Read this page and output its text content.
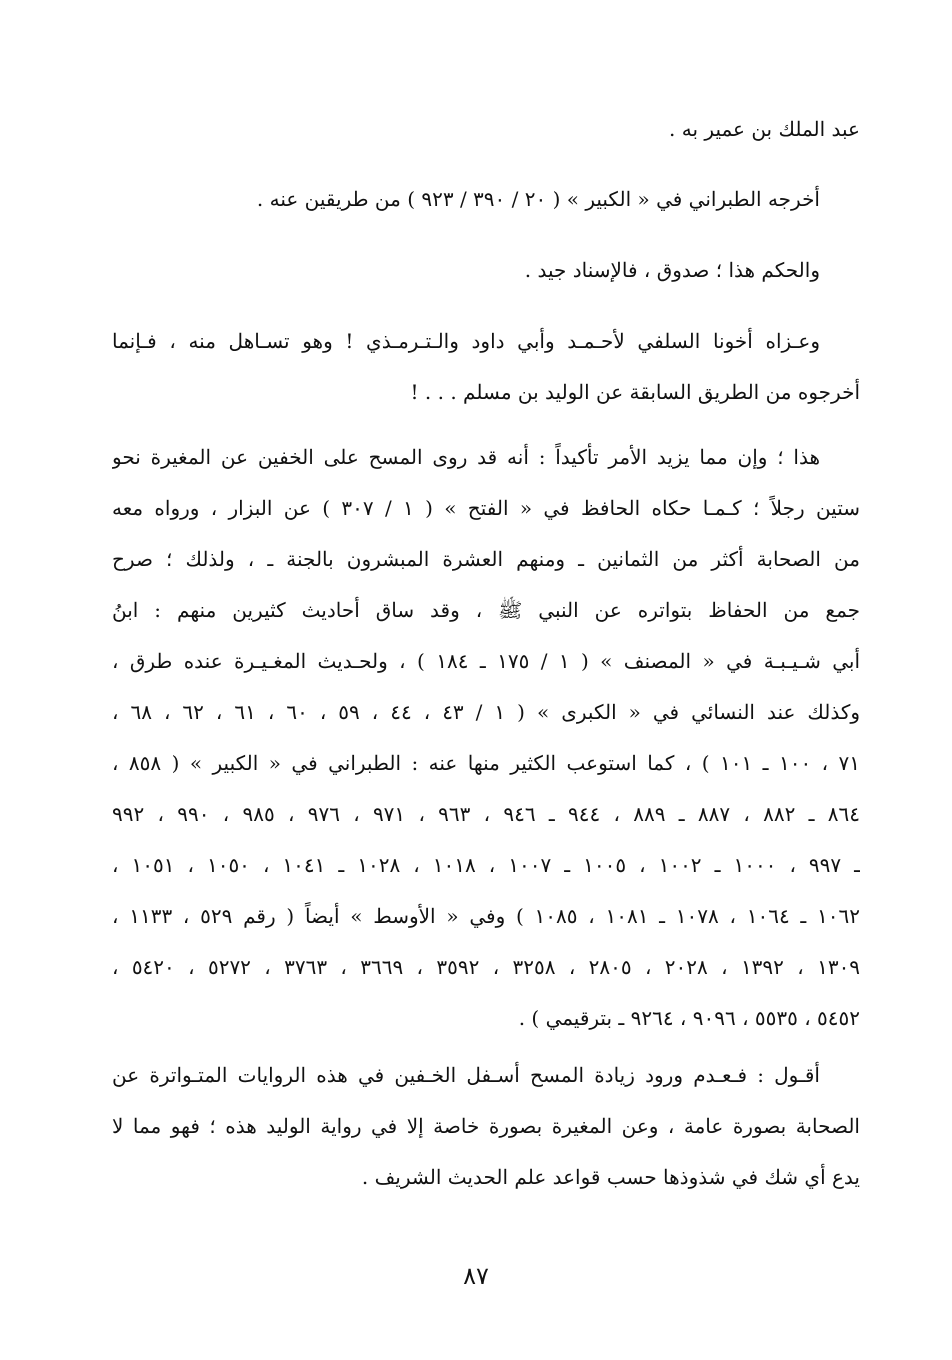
عبد الملك بن عمير به .
أخرجه الطبراني في « الكبير » ( ٢٠ / ٣٩٠ / ٩٢٣ ) من طريقين عنه .
والحكم هذا ؛ صدوق ، فالإسناد جيد .
وعـزاه أخونا السلفي لأحـمـد وأبي داود والـتـرمـذي ! وهو تسـاهل منه ، فـإنما
أخرجوه من الطريق السابقة عن الوليد بن مسلم . . . !
هذا ؛ وإن مما يزيد الأمر تأكيداً : أنه قد روى المسح على الخفين عن المغيرة نحو
ستين رجلاً ؛ كـمـا حكاه الحافظ في « الفتح » ( ١ / ٣٠٧ ) عن البزار ، ورواه معه
من الصحابة أكثر من الثمانين ـ ومنهم العشرة المبشرون بالجنة ـ ، ولذلك ؛ صرح
جمع من الحفاظ بتواتره عن النبي ﷺ ، وقد ساق أحاديث كثيرين منهم : ابنُ
أبي شـيـبـة في « المصنف » ( ١ / ١٧٥ ـ ١٨٤ ) ، ولحـديث المغـيـرة عنده طرق ،
وكذلك عند النسائي في « الكبرى » ( ١ / ٤٣ ، ٤٤ ، ٥٩ ، ٦٠ ، ٦١ ، ٦٢ ، ٦٨ ،
٧١ ، ١٠٠ ـ ١٠١ ) ، كما استوعب الكثير منها عنه : الطبراني في « الكبير » ( ٨٥٨ ،
٨٦٤ ـ ٨٨٢ ، ٨٨٧ ـ ٨٨٩ ، ٩٤٤ ـ ٩٤٦ ، ٩٦٣ ، ٩٧١ ، ٩٧٦ ، ٩٨٥ ، ٩٩٠ ، ٩٩٢
ـ ٩٩٧ ، ١٠٠٠ ـ ١٠٠٢ ، ١٠٠٥ ـ ١٠٠٧ ، ١٠١٨ ، ١٠٢٨ ـ ١٠٤١ ، ١٠٥٠ ، ١٠٥١ ،
١٠٦٢ ـ ١٠٦٤ ، ١٠٧٨ ـ ١٠٨١ ، ١٠٨٥ ) وفي « الأوسط » أيضاً ( رقم ٥٢٩ ، ١١٣٣ ،
١٣٠٩ ، ١٣٩٢ ، ٢٠٢٨ ، ٢٨٠٥ ، ٣٢٥٨ ، ٣٥٩٢ ، ٣٦٦٩ ، ٣٧٦٣ ، ٥٢٧٢ ، ٥٤٢٠ ،
٥٤٥٢ ، ٥٥٣٥ ، ٩٠٩٦ ، ٩٢٦٤ ـ بترقيمي ) .
أقـول : فـعـدم ورود زيادة المسح أسـفل الخـفين في هذه الروايات المتـواترة عن
الصحابة بصورة عامة ، وعن المغيرة بصورة خاصة إلا في رواية الوليد هذه ؛ فهو مما لا
يدع أي شك في شذوذها حسب قواعد علم الحديث الشريف .
٨٧
